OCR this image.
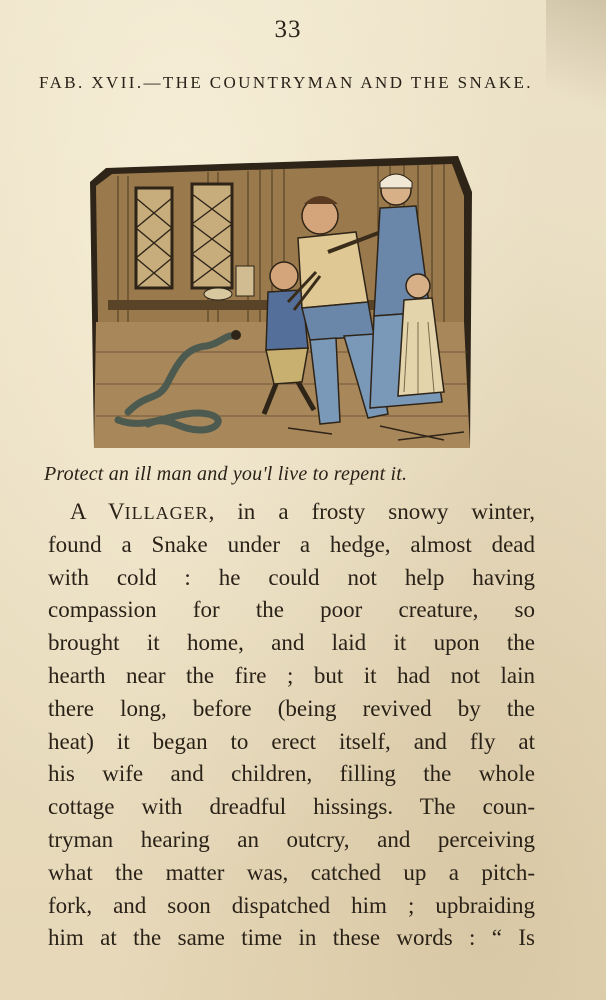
33
FAB. XVII.—THE COUNTRYMAN AND THE SNAKE.
Protect an ill man and you'l live to repent it.
A VILLAGER, in a frosty snowy winter,
found a Snake under a hedge, almost dead
with cold : he could not help having
compassion for the poor creature, so
brought it home, and laid it upon the
hearth near the fire ; but it had not lain
there long, before (being revived by the
heat) it began to erect itself, and fly at
his wife and children, filling the whole
cottage with dreadful hissings. The coun-
tryman hearing an outcry, and perceiving
what the matter was, catched up a pitch-
fork, and soon dispatched him ; upbraiding
him at the same time in these words : “ Is
